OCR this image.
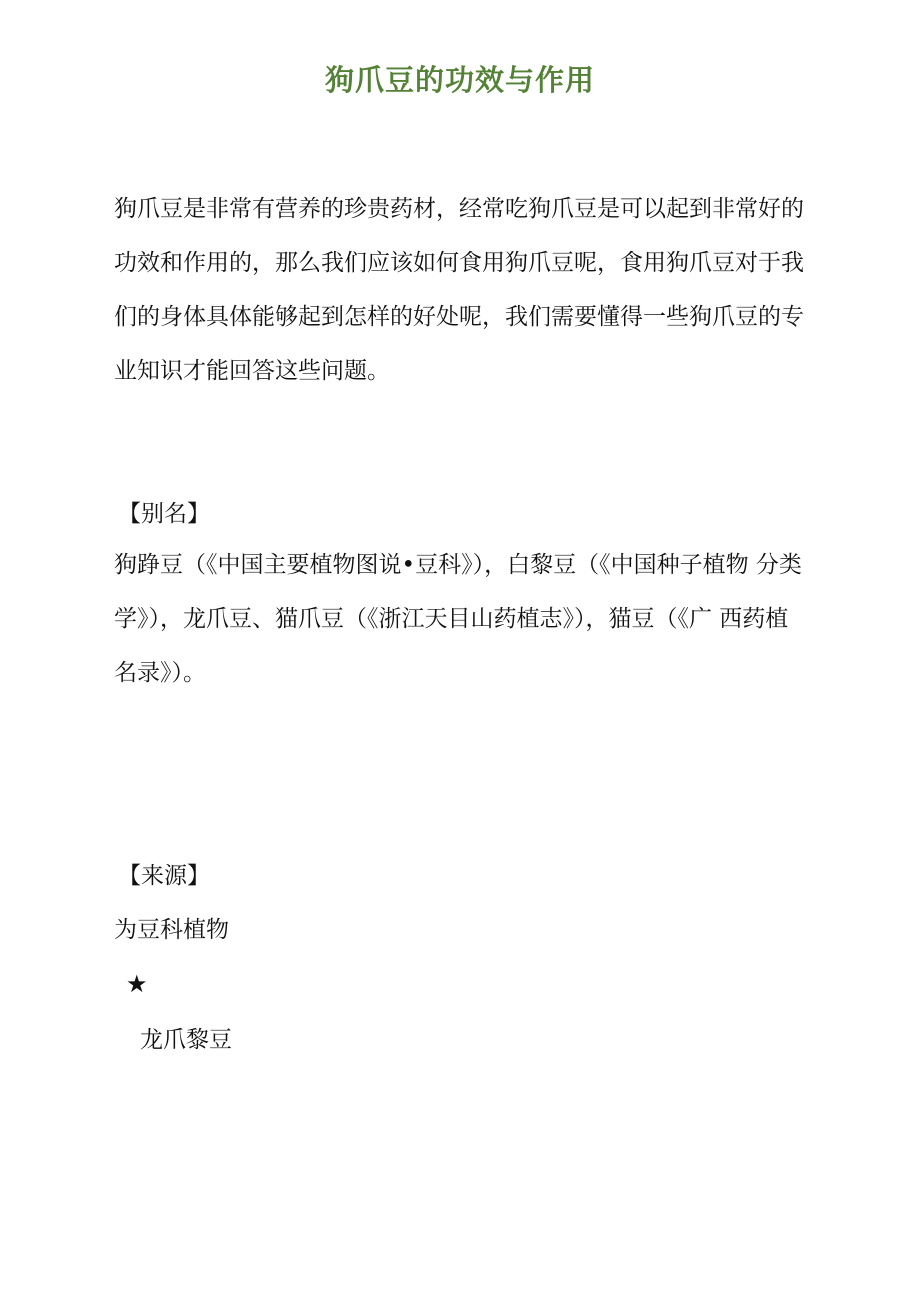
狗爪豆的功效与作用

狗爪豆是非常有营养的珍贵药材，经常吃狗爪豆是可以起到非常好的功效和作用的，那么我们应该如何食用狗爪豆呢，食用狗爪豆对于我们的身体具体能够起到怎样的好处呢，我们需要懂得一些狗爪豆的专业知识才能回答这些问题。

【别名】

狗踭豆（《中国主要植物图说•豆科》），白黎豆（《中国种子植物 分类学》），龙爪豆、猫爪豆（《浙江天目山药植志》），猫豆（《广 西药植名录》）。

【来源】

为豆科植物

★

龙爪黎豆
